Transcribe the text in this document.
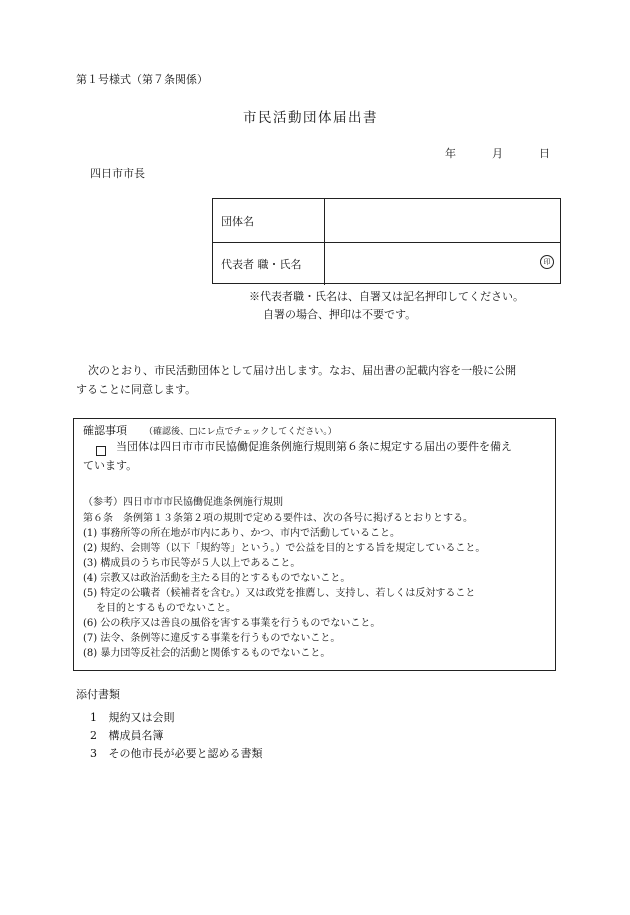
第１号様式（第７条関係）
市民活動団体届出書
年	月	日
四日市市長
団体名
代表者 職・氏名	印
※代表者職・氏名は、自署又は記名押印してください。
自署の場合、押印は不要です。
次のとおり、市民活動団体として届け出します。なお、届出書の記載内容を一般に公開
することに同意します。
確認事項 （確認後、□にレ点でチェックしてください。）
当団体は四日市市市民協働促進条例施行規則第６条に規定する届出の要件を備え
ています。
（参考）四日市市市民協働促進条例施行規則
第６条　条例第１３条第２項の規則で定める要件は、次の各号に掲げるとおりとする。
(1) 事務所等の所在地が市内にあり、かつ、市内で活動していること。
(2) 規約、会則等（以下「規約等」という。）で公益を目的とする旨を規定していること。
(3) 構成員のうち市民等が５人以上であること。
(4) 宗教又は政治活動を主たる目的とするものでないこと。
(5) 特定の公職者（候補者を含む。）又は政党を推薦し、支持し、若しくは反対すること
を目的とするものでないこと。
(6) 公の秩序又は善良の風俗を害する事業を行うものでないこと。
(7) 法令、条例等に違反する事業を行うものでないこと。
(8) 暴力団等反社会的活動と関係するものでないこと。
添付書類
1 規約又は会則
2 構成員名簿
3 その他市長が必要と認める書類
